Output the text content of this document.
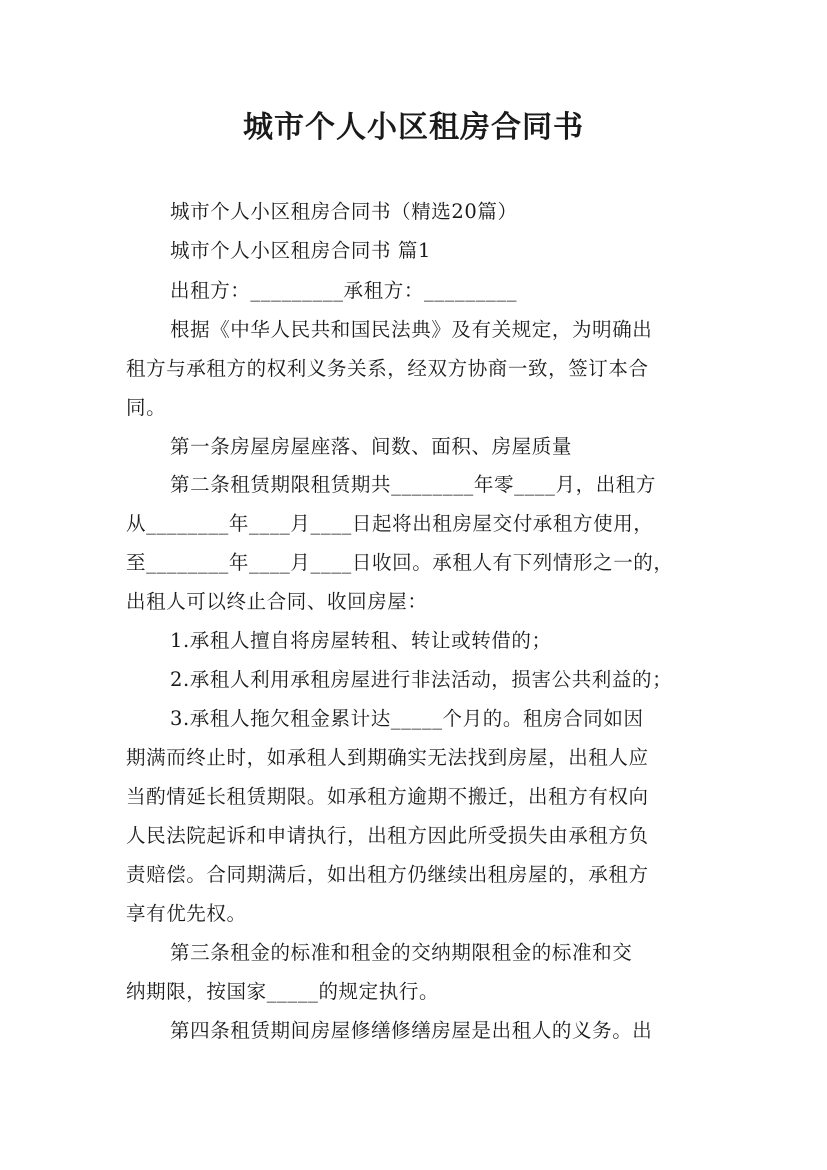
城市个人小区租房合同书
城市个人小区租房合同书（精选20篇）
城市个人小区租房合同书 篇1
出租方：_________承租方：_________
根据《中华人民共和国民法典》及有关规定，为明确出
租方与承租方的权利义务关系，经双方协商一致，签订本合
同。
第一条房屋房屋座落、间数、面积、房屋质量
第二条租赁期限租赁期共________年零____月，出租方
从________年____月____日起将出租房屋交付承租方使用，
至________年____月____日收回。承租人有下列情形之一的，
出租人可以终止合同、收回房屋：
1.承租人擅自将房屋转租、转让或转借的；
2.承租人利用承租房屋进行非法活动，损害公共利益的；
3.承租人拖欠租金累计达_____个月的。租房合同如因
期满而终止时，如承租人到期确实无法找到房屋，出租人应
当酌情延长租赁期限。如承租方逾期不搬迁，出租方有权向
人民法院起诉和申请执行，出租方因此所受损失由承租方负
责赔偿。合同期满后，如出租方仍继续出租房屋的，承租方
享有优先权。
第三条租金的标准和租金的交纳期限租金的标准和交
纳期限，按国家_____的规定执行。
第四条租赁期间房屋修缮修缮房屋是出租人的义务。出
